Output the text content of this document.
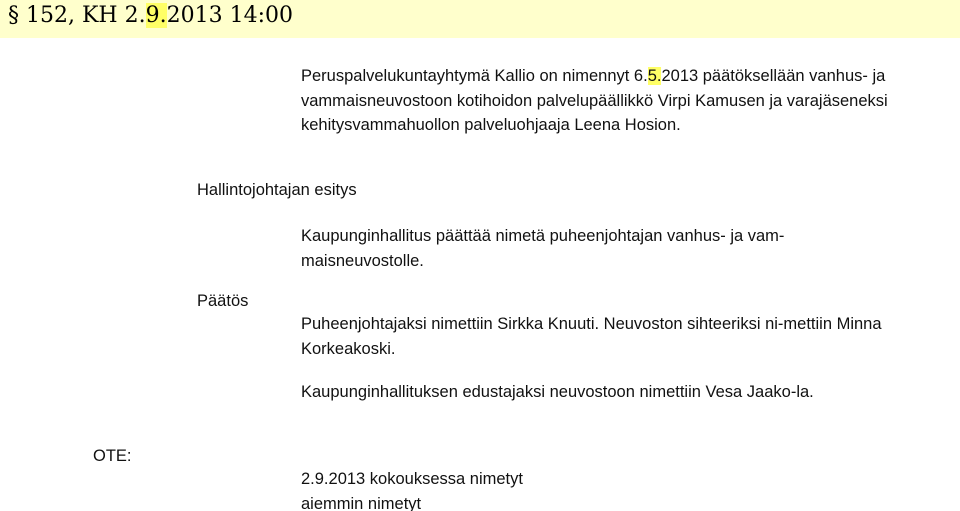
§ 152, KH 2.9.2013 14:00
Peruspalvelukuntayhtymä Kallio on nimennyt 6.5.2013 päätöksellään vanhus- ja vammaisneuvostoon kotihoidon palvelupäällikkö Virpi Kamusen ja varajäseneksi kehitysvammahuollon palveluohjaaja Leena Hosion.
Hallintojohtajan esitys
Kaupunginhallitus päättää nimetä puheenjohtajan vanhus- ja vam-maisneuvostolle.
Päätös
Puheenjohtajaksi nimettiin Sirkka Knuuti. Neuvoston sihteeriksi ni-mettiin Minna Korkeakoski.
Kaupunginhallituksen edustajaksi neuvostoon nimettiin Vesa Jaako-la.
OTE:
2.9.2013 kokouksessa nimetyt
aiemmin nimetyt
